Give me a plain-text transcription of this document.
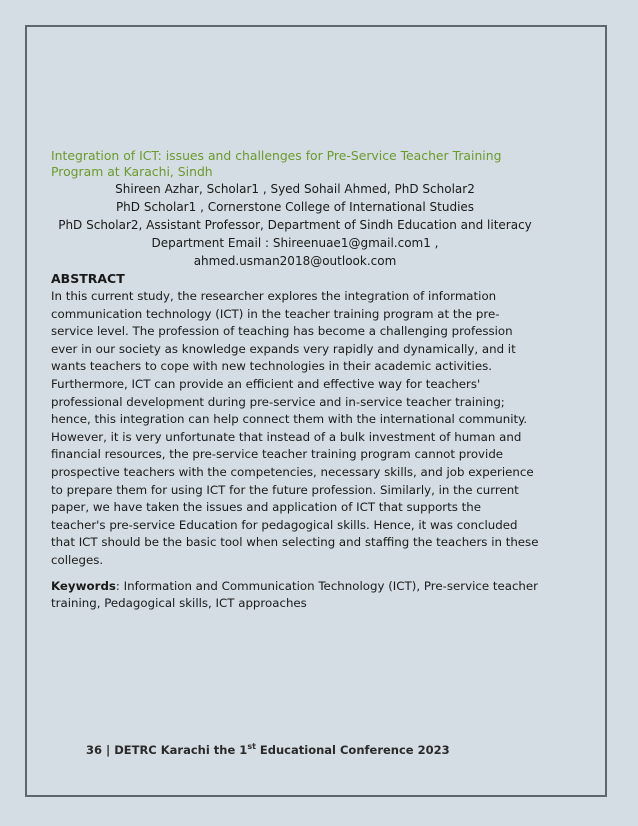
Integration of ICT: issues and challenges for Pre-Service Teacher Training Program at Karachi, Sindh

Shireen Azhar, Scholar1 , Syed Sohail Ahmed, PhD Scholar2

PhD Scholar1 , Cornerstone College of International Studies

PhD Scholar2, Assistant Professor, Department of Sindh Education and literacy

Department Email : Shireenuae1@gmail.com1 , ahmed.usman2018@outlook.com

ABSTRACT

In this current study, the researcher explores the integration of information communication technology (ICT) in the teacher training program at the pre-service level. The profession of teaching has become a challenging profession ever in our society as knowledge expands very rapidly and dynamically, and it wants teachers to cope with new technologies in their academic activities. Furthermore, ICT can provide an efficient and effective way for teachers' professional development during pre-service and in-service teacher training; hence, this integration can help connect them with the international community. However, it is very unfortunate that instead of a bulk investment of human and financial resources, the pre-service teacher training program cannot provide prospective teachers with the competencies, necessary skills, and job experience to prepare them for using ICT for the future profession. Similarly, in the current paper, we have taken the issues and application of ICT that supports the teacher's pre-service Education for pedagogical skills. Hence, it was concluded that ICT should be the basic tool when selecting and staffing the teachers in these colleges.

Keywords: Information and Communication Technology (ICT), Pre-service teacher training, Pedagogical skills, ICT approaches

36 | DETRC Karachi the 1st Educational Conference 2023
